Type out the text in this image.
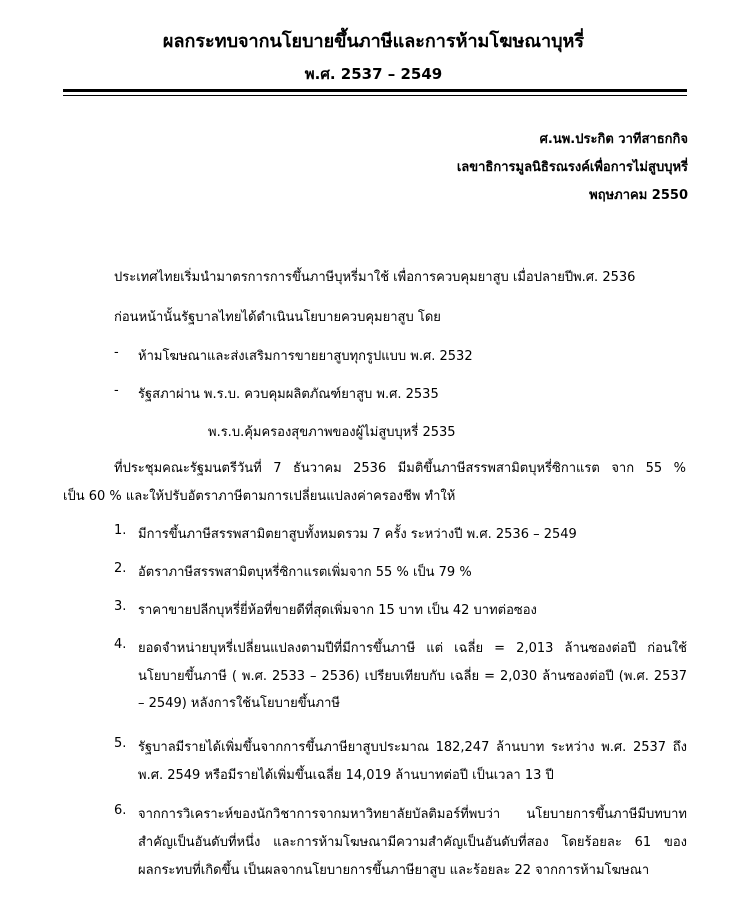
ผลกระทบจากนโยบายขึ้นภาษีและการห้ามโฆษณาบุหรี่
พ.ศ. 2537 – 2549
ศ.นพ.ประกิต วาทีสาธกกิจ
เลขาธิการมูลนิธิรณรงค์เพื่อการไม่สูบบุหรี่
พฤษภาคม 2550
ประเทศไทยเริ่มนำมาตรการการขึ้นภาษีบุหรี่มาใช้ เพื่อการควบคุมยาสูบ เมื่อปลายปีพ.ศ. 2536
ก่อนหน้านั้นรัฐบาลไทยได้ดำเนินนโยบายควบคุมยาสูบ โดย
- ห้ามโฆษณาและส่งเสริมการขายยาสูบทุกรูปแบบ พ.ศ. 2532
- รัฐสภาผ่าน พ.ร.บ. ควบคุมผลิตภัณฑ์ยาสูบ พ.ศ. 2535
พ.ร.บ.คุ้มครองสุขภาพของผู้ไม่สูบบุหรี่ 2535
ที่ประชุมคณะรัฐมนตรีวันที่ 7 ธันวาคม 2536 มีมติขึ้นภาษีสรรพสามิตบุหรี่ซิกาแรต จาก 55 %
เป็น 60 % และให้ปรับอัตราภาษีตามการเปลี่ยนแปลงค่าครองชีพ ทำให้
1. มีการขึ้นภาษีสรรพสามิตยาสูบทั้งหมดรวม 7 ครั้ง ระหว่างปี พ.ศ. 2536 – 2549
2. อัตราภาษีสรรพสามิตบุหรี่ซิกาแรตเพิ่มจาก 55 % เป็น 79 %
3. ราคาขายปลีกบุหรี่ยี่ห้อที่ขายดีที่สุดเพิ่มจาก 15 บาท เป็น 42 บาทต่อซอง
4. ยอดจำหน่ายบุหรี่เปลี่ยนแปลงตามปีที่มีการขึ้นภาษี แต่ เฉลี่ย = 2,013 ล้านซองต่อปี ก่อนใช้
นโยบายขึ้นภาษี ( พ.ศ. 2533 – 2536) เปรียบเทียบกับ เฉลี่ย = 2,030 ล้านซองต่อปี (พ.ศ. 2537
– 2549) หลังการใช้นโยบายขึ้นภาษี
5. รัฐบาลมีรายได้เพิ่มขึ้นจากการขึ้นภาษียาสูบประมาณ 182,247 ล้านบาท ระหว่าง พ.ศ. 2537 ถึง
พ.ศ. 2549 หรือมีรายได้เพิ่มขึ้นเฉลี่ย 14,019 ล้านบาทต่อปี เป็นเวลา 13 ปี
6. จากการวิเคราะห์ของนักวิชาการจากมหาวิทยาลัยบัลติมอร์ที่พบว่า นโยบายการขึ้นภาษีมีบทบาท
สำคัญเป็นอันดับที่หนึ่ง และการห้ามโฆษณามีความสำคัญเป็นอันดับที่สอง โดยร้อยละ 61 ของ
ผลกระทบที่เกิดขึ้น เป็นผลจากนโยบายการขึ้นภาษียาสูบ และร้อยละ 22 จากการห้ามโฆษณา
